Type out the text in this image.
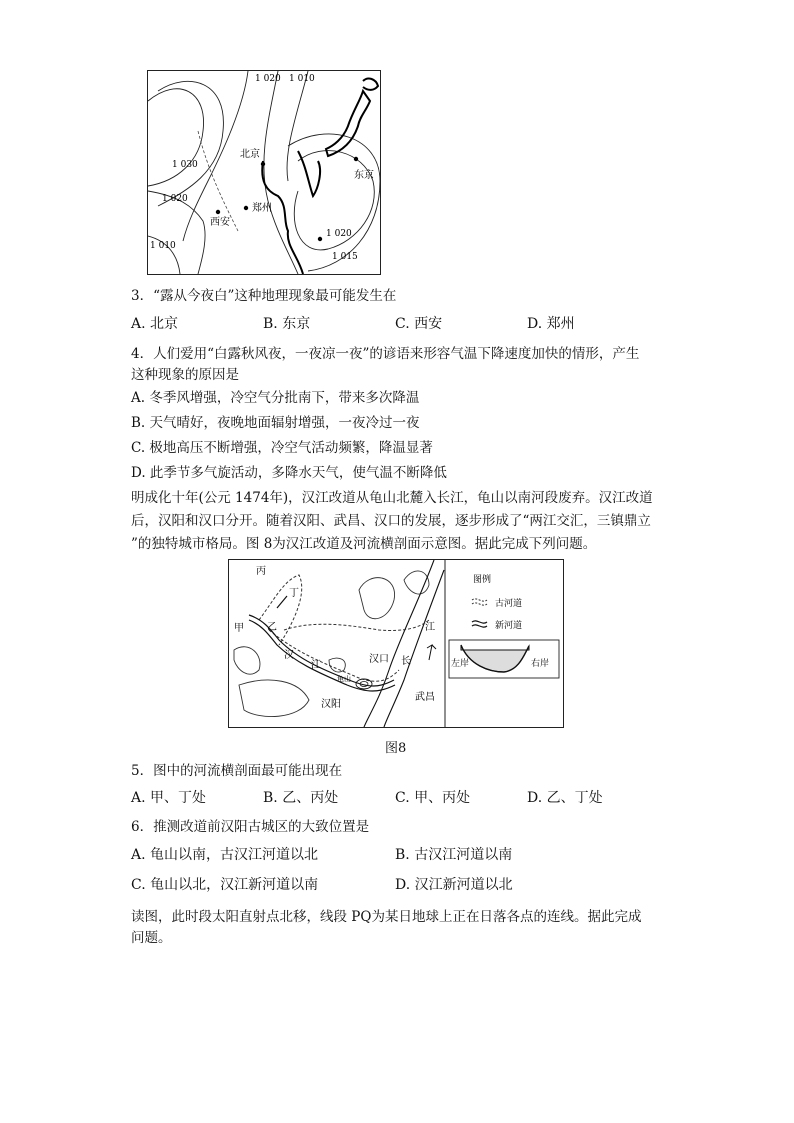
1 020 1 010
1 030
1 020
1 010
1 020
1 015
北京
东京
西安
郑州
3．“露从今夜白”这种地理现象最可能发生在
A. 北京	B. 东京	C. 西安	D. 郑州
4．人们爱用“白露秋风夜，一夜凉一夜”的谚语来形容气温下降速度加快的情形，产生
这种现象的原因是
A. 冬季风增强，冷空气分批南下，带来多次降温
B. 天气晴好，夜晚地面辐射增强，一夜冷过一夜
C. 极地高压不断增强，冷空气活动频繁，降温显著
D. 此季节多气旋活动，多降水天气，使气温不断降低
明成化十年(公元 1474年)，汉江改道从龟山北麓入长江，龟山以南河段废弃。汉江改道
后，汉阳和汉口分开。随着汉阳、武昌、汉口的发展，逐步形成了“两江交汇，三镇鼎立
”的独特城市格局。图 8为汉江改道及河流横剖面示意图。据此完成下列问题。
丙
丁
甲 乙
汉
江
汉口 长
江
汉阳
武昌
龟山
图例
古河道
新河道
左岸	右岸
图8
5．图中的河流横剖面最可能出现在
A. 甲、丁处	B. 乙、丙处	C. 甲、丙处	D. 乙、丁处
6．推测改道前汉阳古城区的大致位置是
A. 龟山以南，古汉江河道以北	B. 古汉江河道以南
C. 龟山以北，汉江新河道以南	D. 汉江新河道以北
读图，此时段太阳直射点北移，线段 PQ为某日地球上正在日落各点的连线。据此完成
问题。
